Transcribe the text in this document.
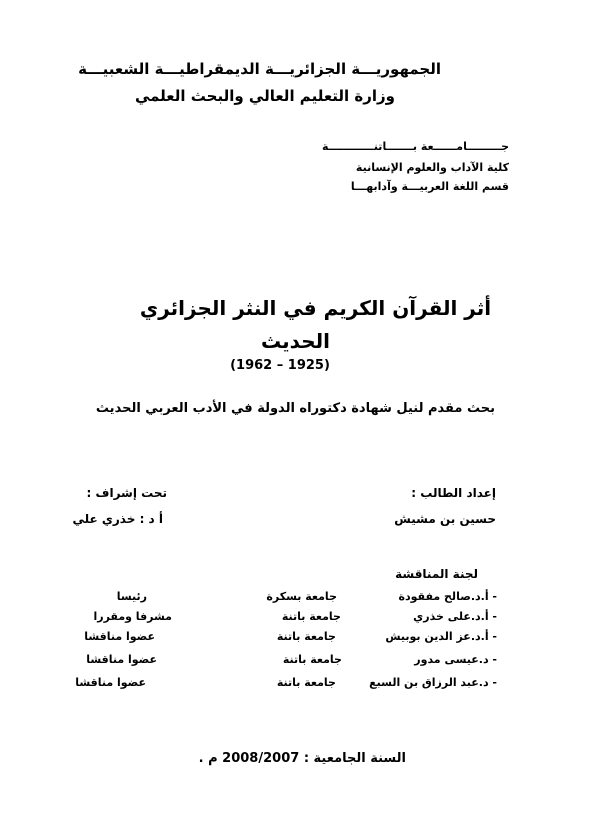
الجمهوريـــة الجزائريـــة الديمقراطيـــة الشعبيـــة
وزارة التعليم العالي والبحث العلمي
جـــــــــامــــــعة بـــــــاتنــــــــــــة
كلية الآداب والعلوم الإنسانية
قسم اللغة العربيـــة وآدابهـــا
أثر القرآن الكريم في النثر الجزائري
الحديث
(1925 – 1962)
بحث مقدم لنيل شهادة دكتوراه الدولة في الأدب العربي الحديث
إعداد الطالب :
حسين بن مشيش
تحت إشراف :
أ د : خذري علي
لجنة المناقشة
- أ.د.صالح مفقودة
جامعة بسكرة
رئيسا
- أ.د.على خذري
جامعة باتنة
مشرفا ومقررا
- أ.د.عز الدين بوبيش
جامعة باتنة
عضوا مناقشا
- د.عيسى مدور
جامعة باتنة
عضوا مناقشا
- د.عبد الرزاق بن السبع
جامعة باتنة
عضوا مناقشا
السنة الجامعية : 2008/2007 م .
